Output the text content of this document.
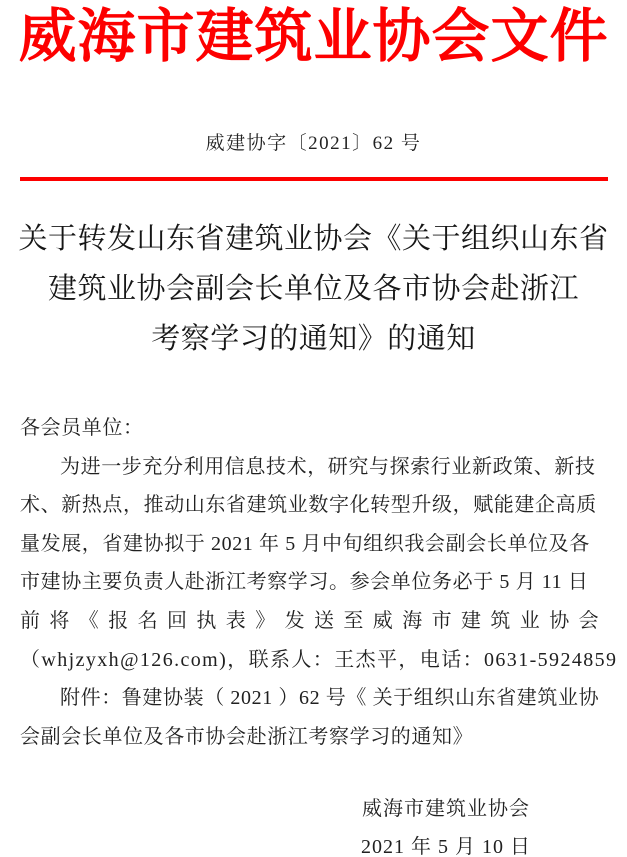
威海市建筑业协会文件
威建协字〔2021〕62 号
关于转发山东省建筑业协会《关于组织山东省
建筑业协会副会长单位及各市协会赴浙江
考察学习的通知》的通知
各会员单位：
为进一步充分利用信息技术，研究与探索行业新政策、新技
术、新热点，推动山东省建筑业数字化转型升级，赋能建企高质
量发展，省建协拟于 2021 年 5 月中旬组织我会副会长单位及各
市建协主要负责人赴浙江考察学习。参会单位务必于 5 月 11 日
前将《报名回执表》发送至威海市建筑业协会
（whjzyxh@126.com)，联系人：王杰平，电话：0631-5924859
附件：鲁建协装（ 2021 ）62 号《 关于组织山东省建筑业协
会副会长单位及各市协会赴浙江考察学习的通知》
威海市建筑业协会
2021 年 5 月 10 日
